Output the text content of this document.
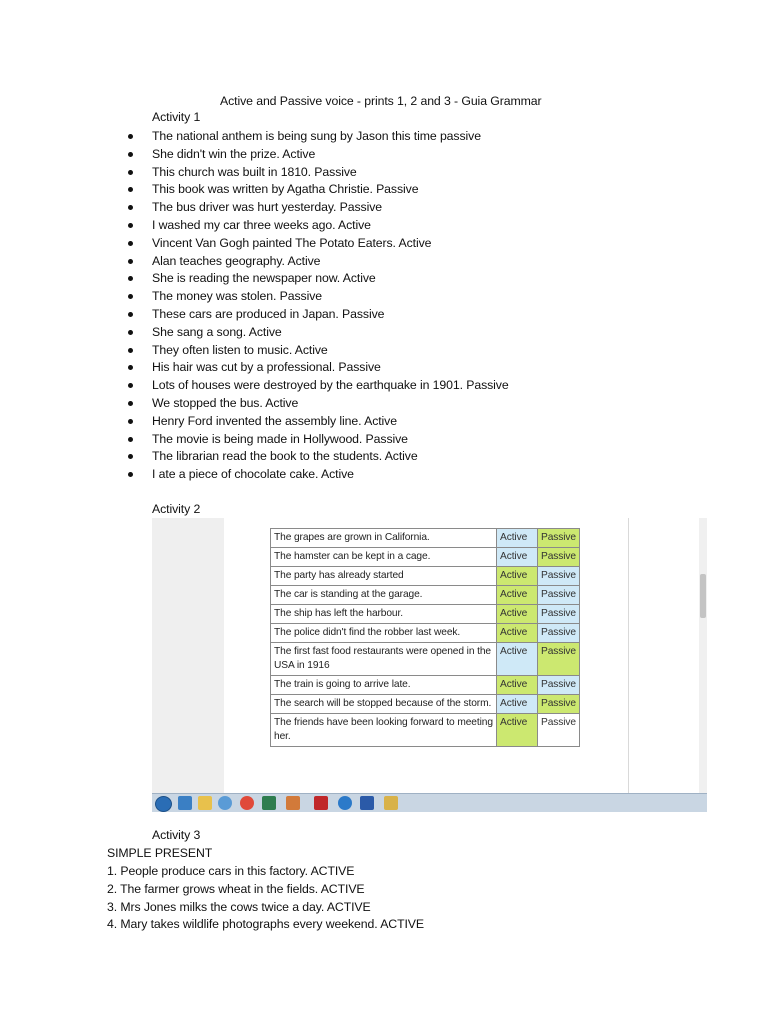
Active and Passive voice - prints 1, 2 and 3 - Guia Grammar
Activity 1
The national anthem is being sung by Jason this time passive
She didn't win the prize. Active
This church was built in 1810. Passive
This book was written by Agatha Christie. Passive
The bus driver was hurt yesterday. Passive
I washed my car three weeks ago. Active
Vincent Van Gogh painted The Potato Eaters. Active
Alan teaches geography. Active
She is reading the newspaper now. Active
The money was stolen. Passive
These cars are produced in Japan. Passive
She sang a song. Active
They often listen to music. Active
His hair was cut by a professional. Passive
Lots of houses were destroyed by the earthquake in 1901. Passive
We stopped the bus. Active
Henry Ford invented the assembly line. Active
The movie is being made in Hollywood. Passive
The librarian read the book to the students. Active
I ate a piece of chocolate cake. Active
Activity 2
The grapes are grown in California.	Active	Passive
The hamster can be kept in a cage.	Active	Passive
The party has already started	Active	Passive
The car is standing at the garage.	Active	Passive
The ship has left the harbour.	Active	Passive
The police didn't find the robber last week.	Active	Passive
The first fast food restaurants were opened in the USA in 1916	Active	Passive
The train is going to arrive late.	Active	Passive
The search will be stopped because of the storm.	Active	Passive
The friends have been looking forward to meeting her.	Active	Passive
Activity 3
SIMPLE PRESENT
1. People produce cars in this factory. ACTIVE
2. The farmer grows wheat in the fields. ACTIVE
3. Mrs Jones milks the cows twice a day. ACTIVE
4. Mary takes wildlife photographs every weekend. ACTIVE
